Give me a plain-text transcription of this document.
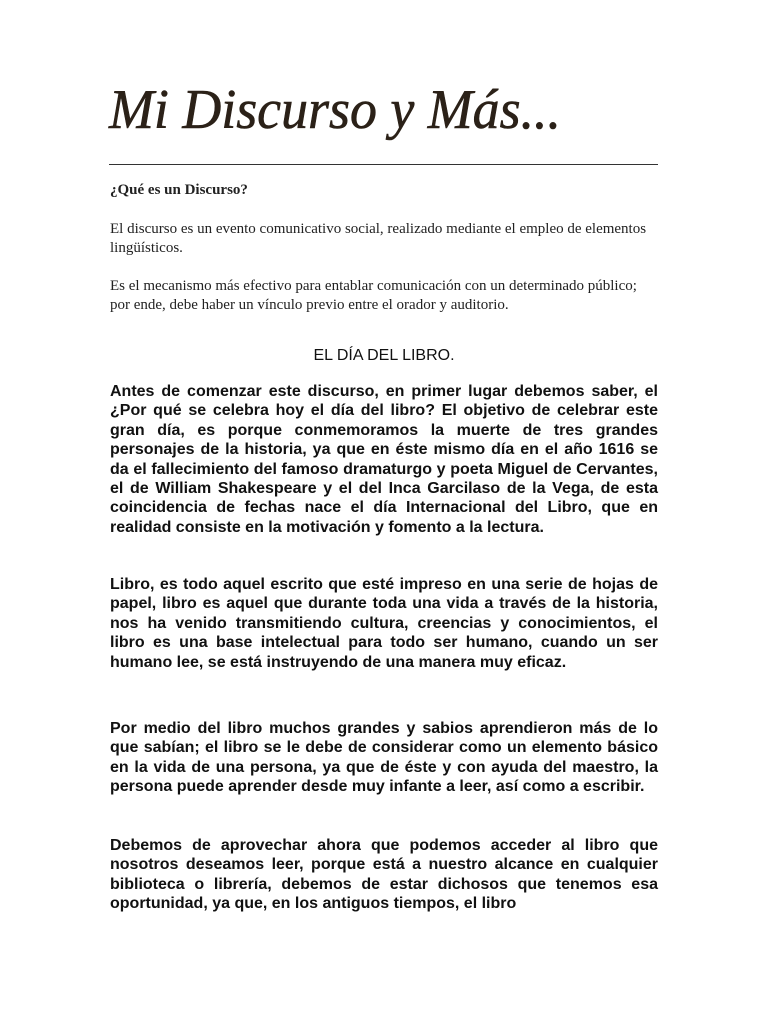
Mi Discurso y Más...

¿Qué es un Discurso?

El discurso es un evento comunicativo social, realizado mediante el empleo de elementos lingüísticos.

Es el mecanismo más efectivo para entablar comunicación con un determinado público; por ende, debe haber un vínculo previo entre el orador y auditorio.

EL DÍA DEL LIBRO.

Antes de comenzar este discurso, en primer lugar debemos saber, el ¿Por qué se celebra hoy el día del libro? El objetivo de celebrar este gran día, es porque conmemoramos la muerte de tres grandes personajes de la historia, ya que en éste mismo día en el año 1616 se da el fallecimiento del famoso dramaturgo y poeta Miguel de Cervantes, el de William Shakespeare y el del Inca Garcilaso de la Vega, de esta coincidencia de fechas nace el día Internacional del Libro, que en realidad consiste en la motivación y fomento a la lectura.

Libro, es todo aquel escrito que esté impreso en una serie de hojas de papel, libro es aquel que durante toda una vida a través de la historia, nos ha venido transmitiendo cultura, creencias y conocimientos, el libro es una base intelectual para todo ser humano, cuando un ser humano lee, se está instruyendo de una manera muy eficaz.

Por medio del libro muchos grandes y sabios aprendieron más de lo que sabían; el libro se le debe de considerar como un elemento básico en la vida de una persona, ya que de éste y con ayuda del maestro, la persona puede aprender desde muy infante a leer, así como a escribir.

Debemos de aprovechar ahora que podemos acceder al libro que nosotros deseamos leer, porque está a nuestro alcance en cualquier biblioteca o librería, debemos de estar dichosos que tenemos esa oportunidad, ya que, en los antiguos tiempos, el libro
